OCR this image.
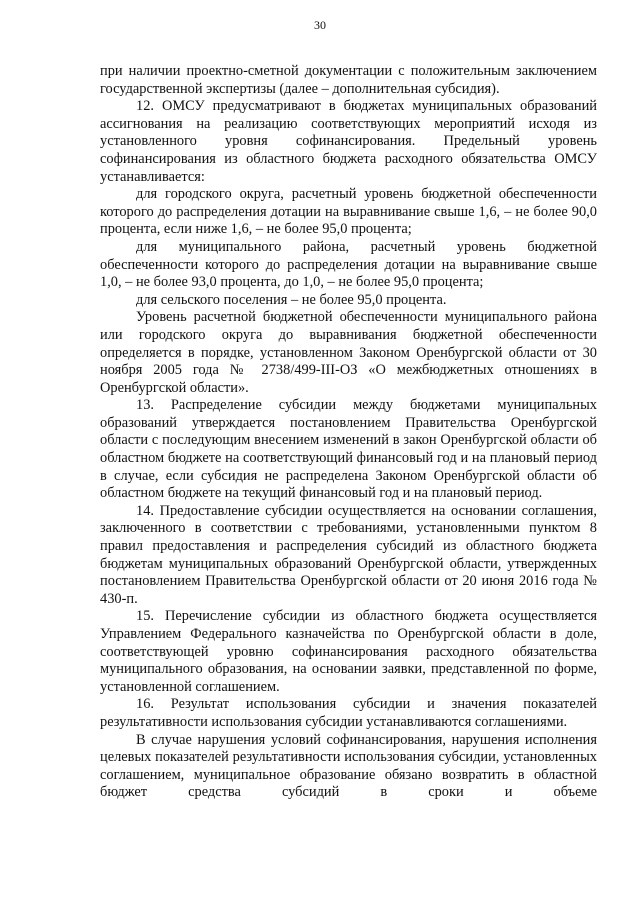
30

при наличии проектно-сметной документации с положительным заключением государственной экспертизы (далее – дополнительная субсидия).

12. ОМСУ предусматривают в бюджетах муниципальных образований ассигнования на реализацию соответствующих мероприятий исходя из установленного уровня софинансирования. Предельный уровень софинансирования из областного бюджета расходного обязательства ОМСУ устанавливается:

для городского округа, расчетный уровень бюджетной обеспеченности которого до распределения дотации на выравнивание свыше 1,6, – не более 90,0 процента, если ниже 1,6, – не более 95,0 процента;

для муниципального района, расчетный уровень бюджетной обеспеченности которого до распределения дотации на выравнивание свыше 1,0, – не более 93,0 процента, до 1,0, – не более 95,0 процента;

для сельского поселения – не более 95,0 процента.

Уровень расчетной бюджетной обеспеченности муниципального района или городского округа до выравнивания бюджетной обеспеченности определяется в порядке, установленном Законом Оренбургской области от 30 ноября 2005 года № 2738/499-III-ОЗ «О межбюджетных отношениях в Оренбургской области».

13. Распределение субсидии между бюджетами муниципальных образований утверждается постановлением Правительства Оренбургской области с последующим внесением изменений в закон Оренбургской области об областном бюджете на соответствующий финансовый год и на плановый период в случае, если субсидия не распределена Законом Оренбургской области об областном бюджете на текущий финансовый год и на плановый период.

14. Предоставление субсидии осуществляется на основании соглашения, заключенного в соответствии с требованиями, установленными пунктом 8 правил предоставления и распределения субсидий из областного бюджета бюджетам муниципальных образований Оренбургской области, утвержденных постановлением Правительства Оренбургской области от 20 июня 2016 года № 430-п.

15. Перечисление субсидии из областного бюджета осуществляется Управлением Федерального казначейства по Оренбургской области в доле, соответствующей уровню софинансирования расходного обязательства муниципального образования, на основании заявки, представленной по форме, установленной соглашением.

16. Результат использования субсидии и значения показателей результативности использования субсидии устанавливаются соглашениями.

В случае нарушения условий софинансирования, нарушения исполнения целевых показателей результативности использования субсидии, установленных соглашением, муниципальное образование обязано возвратить в областной бюджет средства субсидий в сроки и объеме
